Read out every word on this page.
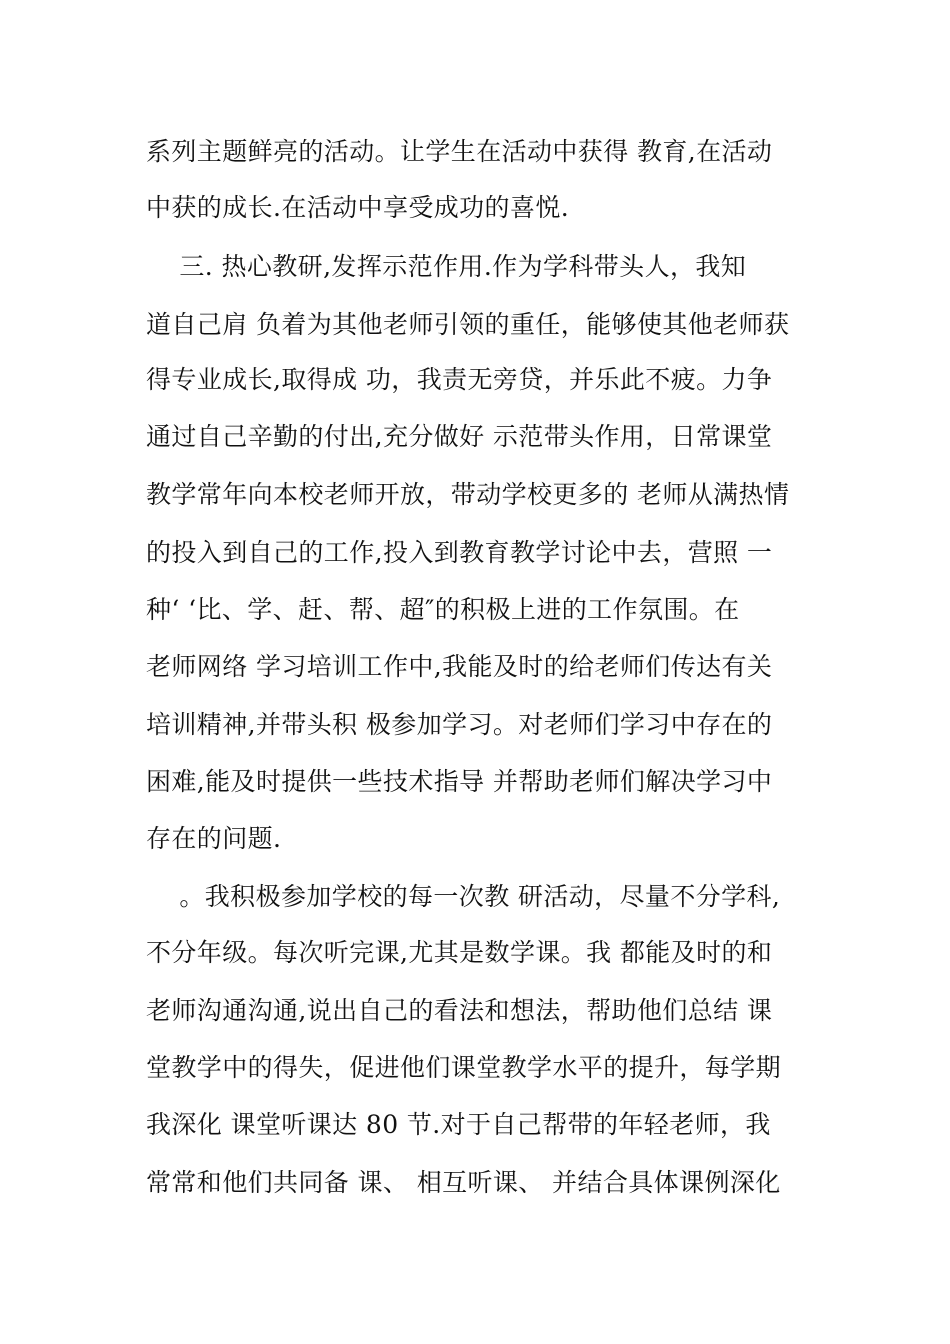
系列主题鲜亮的活动。让学生在活动中获得 教育,在活动
中获的成长.在活动中享受成功的喜悦.
三. 热心教研,发挥示范作用.作为学科带头人，我知
道自己肩 负着为其他老师引领的重任，能够使其他老师获
得专业成长,取得成 功，我责无旁贷，并乐此不疲。力争
通过自己辛勤的付出,充分做好 示范带头作用，日常课堂
教学常年向本校老师开放，带动学校更多的 老师从满热情
的投入到自己的工作,投入到教育教学讨论中去，营照 一
种‘ ‘比、学、赶、帮、超″的积极上进的工作氛围。在
老师网络 学习培训工作中,我能及时的给老师们传达有关
培训精神,并带头积 极参加学习。对老师们学习中存在的
困难,能及时提供一些技术指导 并帮助老师们解决学习中
存在的问题.
。我积极参加学校的每一次教 研活动，尽量不分学科,
不分年级。每次听完课,尤其是数学课。我 都能及时的和
老师沟通沟通,说出自己的看法和想法，帮助他们总结 课
堂教学中的得失，促进他们课堂教学水平的提升，每学期
我深化 课堂听课达 80 节.对于自己帮带的年轻老师，我
常常和他们共同备 课、 相互听课、 并结合具体课例深化
